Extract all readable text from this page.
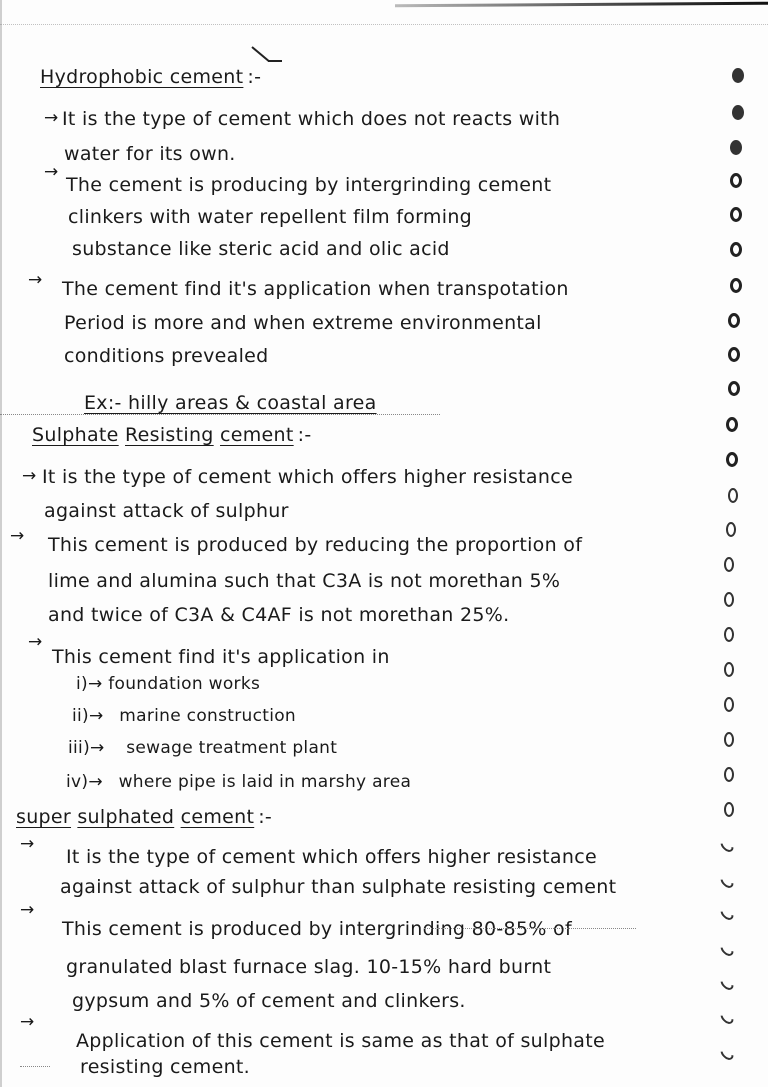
Hydrophobic cement :-
→ It is the type of cement which does not reacts with
water for its own.
→
The cement is producing by intergrinding cement
clinkers with water repellent film forming
substance like steric acid and olic acid
→ The cement find it's application when transpotation
Period is more and when extreme environmental
conditions prevealed
Ex:- hilly areas & coastal area
Sulphate Resisting cement :-
→ It is the type of cement which offers higher resistance
against attack of sulphur
→ This cement is produced by reducing the proportion of
lime and alumina such that C3A is not morethan 5%
and twice of C3A & C4AF is not morethan 25%.
→
This cement find it's application in
i)→ foundation works
ii)→ marine construction
iii)→ sewage treatment plant
iv)→ where pipe is laid in marshy area
super sulphated cement :-
→
It is the type of cement which offers higher resistance
against attack of sulphur than sulphate resisting cement
→
This cement is produced by intergrinding 80-85% of
granulated blast furnace slag. 10-15% hard burnt
gypsum and 5% of cement and clinkers.
→
Application of this cement is same as that of sulphate
resisting cement.
